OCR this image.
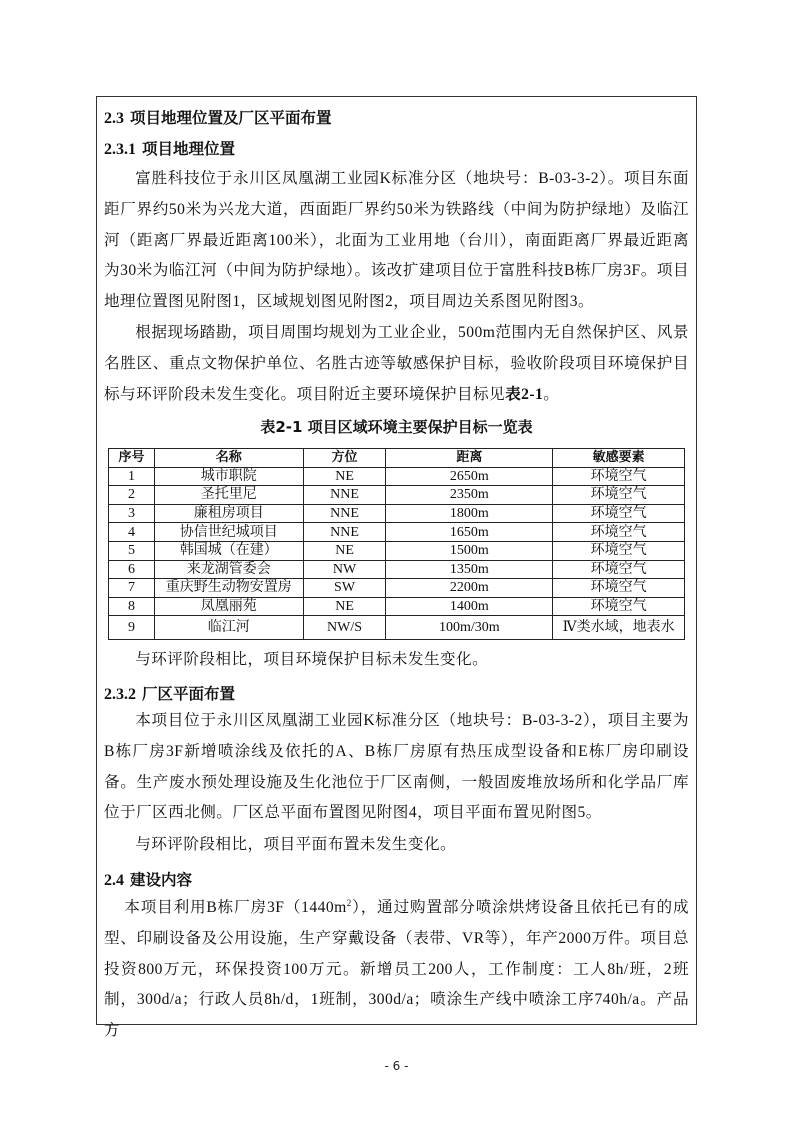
2.3 项目地理位置及厂区平面布置
2.3.1 项目地理位置
富胜科技位于永川区凤凰湖工业园K标准分区（地块号：B-03-3-2）。项目东面距厂界约50米为兴龙大道，西面距厂界约50米为铁路线（中间为防护绿地）及临江河（距离厂界最近距离100米），北面为工业用地（台川），南面距离厂界最近距离为30米为临江河（中间为防护绿地）。该改扩建项目位于富胜科技B栋厂房3F。项目地理位置图见附图1，区域规划图见附图2，项目周边关系图见附图3。
根据现场踏勘，项目周围均规划为工业企业，500m范围内无自然保护区、风景名胜区、重点文物保护单位、名胜古迹等敏感保护目标，验收阶段项目环境保护目标与环评阶段未发生变化。项目附近主要环境保护目标见表2-1。
表2-1 项目区域环境主要保护目标一览表
序号	名称	方位	距离	敏感要素
1	城市职院	NE	2650m	环境空气
2	圣托里尼	NNE	2350m	环境空气
3	廉租房项目	NNE	1800m	环境空气
4	协信世纪城项目	NNE	1650m	环境空气
5	韩国城（在建）	NE	1500m	环境空气
6	来龙湖管委会	NW	1350m	环境空气
7	重庆野生动物安置房	SW	2200m	环境空气
8	凤凰丽苑	NE	1400m	环境空气
9	临江河	NW/S	100m/30m	Ⅳ类水域，地表水
与环评阶段相比，项目环境保护目标未发生变化。
2.3.2 厂区平面布置
本项目位于永川区凤凰湖工业园K标准分区（地块号：B-03-3-2），项目主要为B栋厂房3F新增喷涂线及依托的A、B栋厂房原有热压成型设备和E栋厂房印刷设备。生产废水预处理设施及生化池位于厂区南侧，一般固废堆放场所和化学品厂库位于厂区西北侧。厂区总平面布置图见附图4，项目平面布置见附图5。
与环评阶段相比，项目平面布置未发生变化。
2.4 建设内容
本项目利用B栋厂房$3F(1440m^2)$，通过购置部分喷涂烘烤设备且依托已有的成型、印刷设备及公用设施，生产穿戴设备（表带、VR等），年产2000万件。项目总投资800万元，环保投资100万元。新增员工200人，工作制度：工人8h/班，2班制，300d/a；行政人员8h/d，1班制，300d/a；喷涂生产线中喷涂工序740h/a。产品方
- 6 -
